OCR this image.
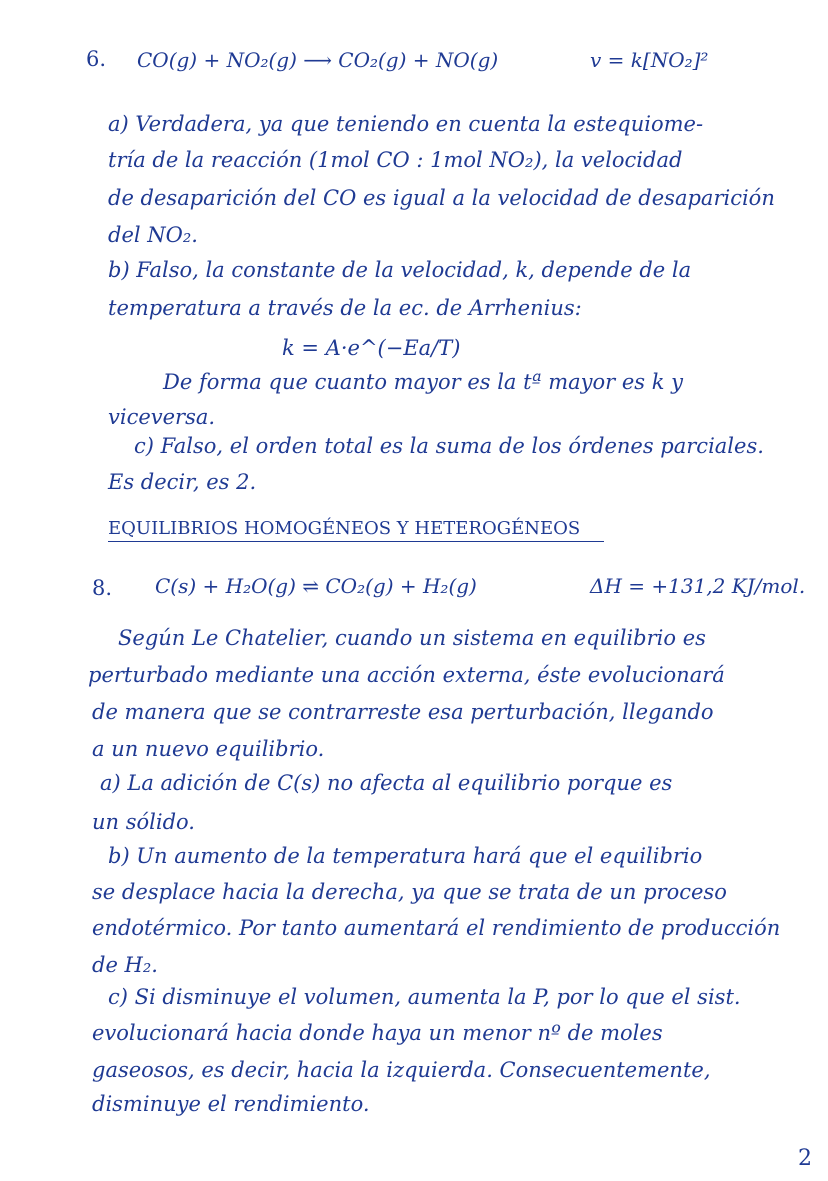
6. CO(g) + NO₂(g) ⟶ CO₂(g) + NO(g)	v = k[NO₂]²
a) Verdadera, ya que teniendo en cuenta la estequiome-
tría de la reacción (1mol CO : 1mol NO₂), la velocidad
de desaparición del CO es igual a la velocidad de desaparición
del NO₂.
b) Falso, la constante de la velocidad, k, depende de la
temperatura a través de la ec. de Arrhenius:
k = A·e^(−Ea/T)
De forma que cuanto mayor es la tª mayor es k y
viceversa.
c) Falso, el orden total es la suma de los órdenes parciales.
Es decir, es 2.
EQUILIBRIOS HOMOGÉNEOS Y HETEROGÉNEOS
8. C(s) + H₂O(g) ⇌ CO₂(g) + H₂(g)	ΔH = +131,2 KJ/mol.
Según Le Chatelier, cuando un sistema en equilibrio es
perturbado mediante una acción externa, éste evolucionará
de manera que se contrarreste esa perturbación, llegando
a un nuevo equilibrio.
a) La adición de C(s) no afecta al equilibrio porque es
un sólido.
b) Un aumento de la temperatura hará que el equilibrio
se desplace hacia la derecha, ya que se trata de un proceso
endotérmico. Por tanto aumentará el rendimiento de producción
de H₂.
c) Si disminuye el volumen, aumenta la P, por lo que el sist.
evolucionará hacia donde haya un menor nº de moles
gaseosos, es decir, hacia la izquierda. Consecuentemente,
disminuye el rendimiento.
2
